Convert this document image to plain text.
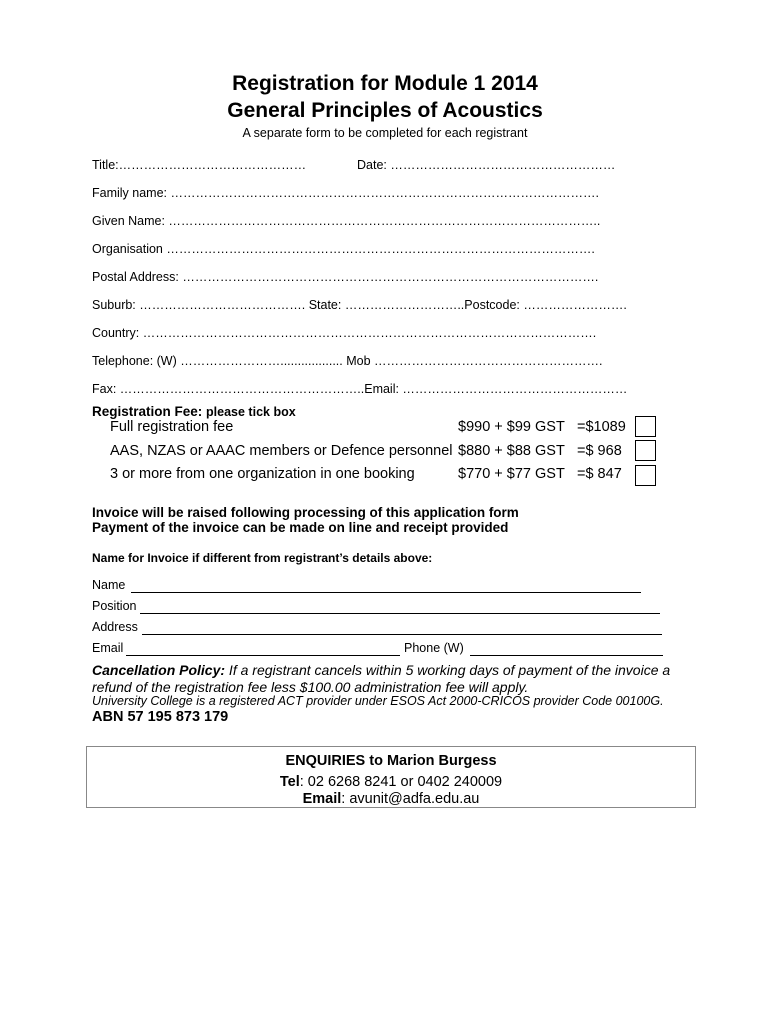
Registration for Module 1 2014
General Principles of Acoustics
A separate form to be completed for each registrant
Title:………………………………………	Date: ………………………………………………
Family name: ………………………………………………………………………………………….
Given Name: …………………………………………………………………………………………..
Organisation ………………………………………………………………………………………….
Postal Address: ……………………………………………………………………………………….
Suburb: …………………………………. State: ………………………..Postcode: …………………….
Country: ……………………………………………………………………………………………….
Telephone: (W) …………………….................. Mob ……………………………………………….
Fax: …………………………………………………..Email: ………………………………………………
Registration Fee: please tick box
Full registration fee	$990 + $99 GST =$1089
AAS, NZAS or AAAC members or Defence personnel $880 + $88 GST =$ 968
3 or more from one organization in one booking	$770 + $77 GST =$ 847
Invoice will be raised following processing of this application form
Payment of the invoice can be made on line and receipt provided
Name for Invoice if different from registrant’s details above:
Name
Position
Address
Email	Phone (W)
Cancellation Policy: If a registrant cancels within 5 working days of payment of the invoice a
refund of the registration fee less $100.00 administration fee will apply.
University College is a registered ACT provider under ESOS Act 2000-CRICOS provider Code 00100G.
ABN 57 195 873 179
ENQUIRIES to Marion Burgess
Tel: 02 6268 8241 or 0402 240009
Email: avunit@adfa.edu.au
